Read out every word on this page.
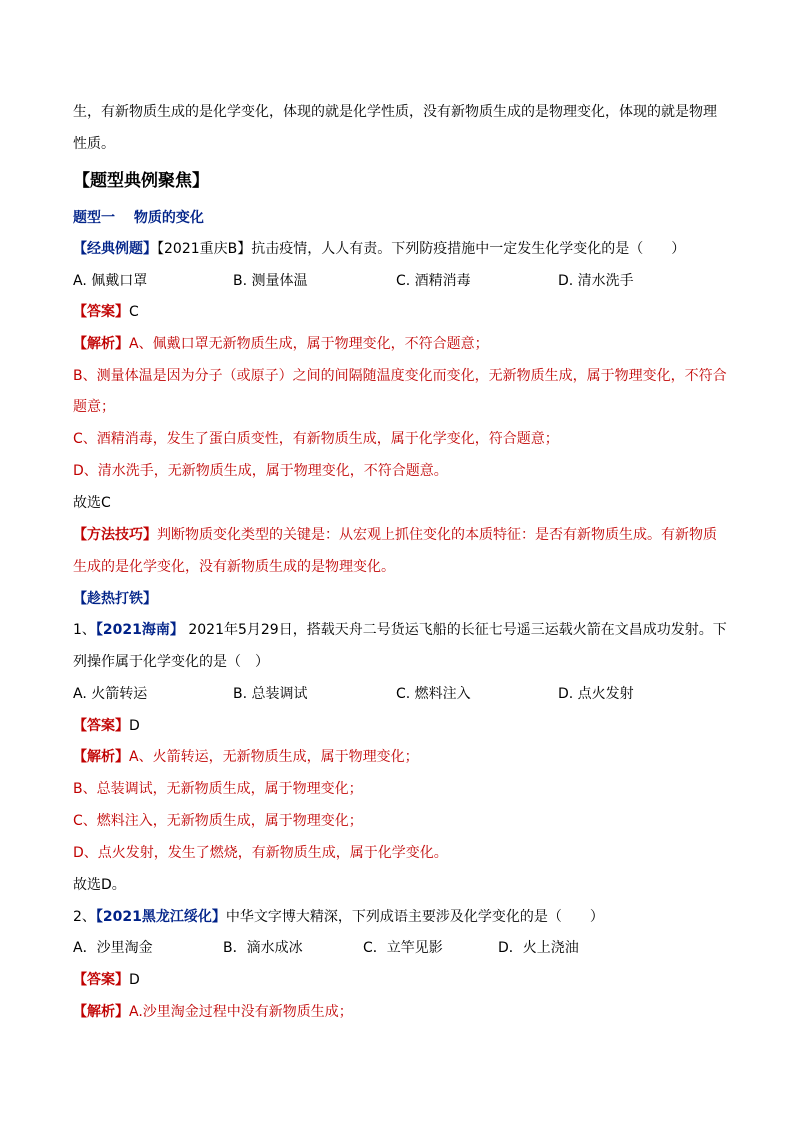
生，有新物质生成的是化学变化，体现的就是化学性质，没有新物质生成的是物理变化，体现的就是物理
性质。
【题型典例聚焦】
题型一　 物质的变化
【经典例题】【2021重庆B】抗击疫情，人人有责。下列防疫措施中一定发生化学变化的是（　　）
A. 佩戴口罩	B. 测量体温	C. 酒精消毒	D. 清水洗手
【答案】C
【解析】A、佩戴口罩无新物质生成，属于物理变化，不符合题意；
B、测量体温是因为分子（或原子）之间的间隔随温度变化而变化，无新物质生成，属于物理变化，不符合
题意；
C、酒精消毒，发生了蛋白质变性，有新物质生成，属于化学变化，符合题意；
D、清水洗手，无新物质生成，属于物理变化，不符合题意。
故选C
【方法技巧】判断物质变化类型的关键是：从宏观上抓住变化的本质特征：是否有新物质生成。有新物质
生成的是化学变化，没有新物质生成的是物理变化。
【趁热打铁】
1、【2021海南】 2021年5月29日，搭载天舟二号货运飞船的长征七号遥三运载火箭在文昌成功发射。下
列操作属于化学变化的是（　）
A. 火箭转运	B. 总装调试	C. 燃料注入	D. 点火发射
【答案】D
【解析】A、火箭转运，无新物质生成，属于物理变化；
B、总装调试，无新物质生成，属于物理变化；
C、燃料注入，无新物质生成，属于物理变化；
D、点火发射，发生了燃烧，有新物质生成，属于化学变化。
故选D。
2、【2021黑龙江绥化】中华文字博大精深，下列成语主要涉及化学变化的是（　　）
A．沙里淘金	B．滴水成冰	C．立竿见影	D．火上浇油
【答案】D
【解析】A.沙里淘金过程中没有新物质生成；
